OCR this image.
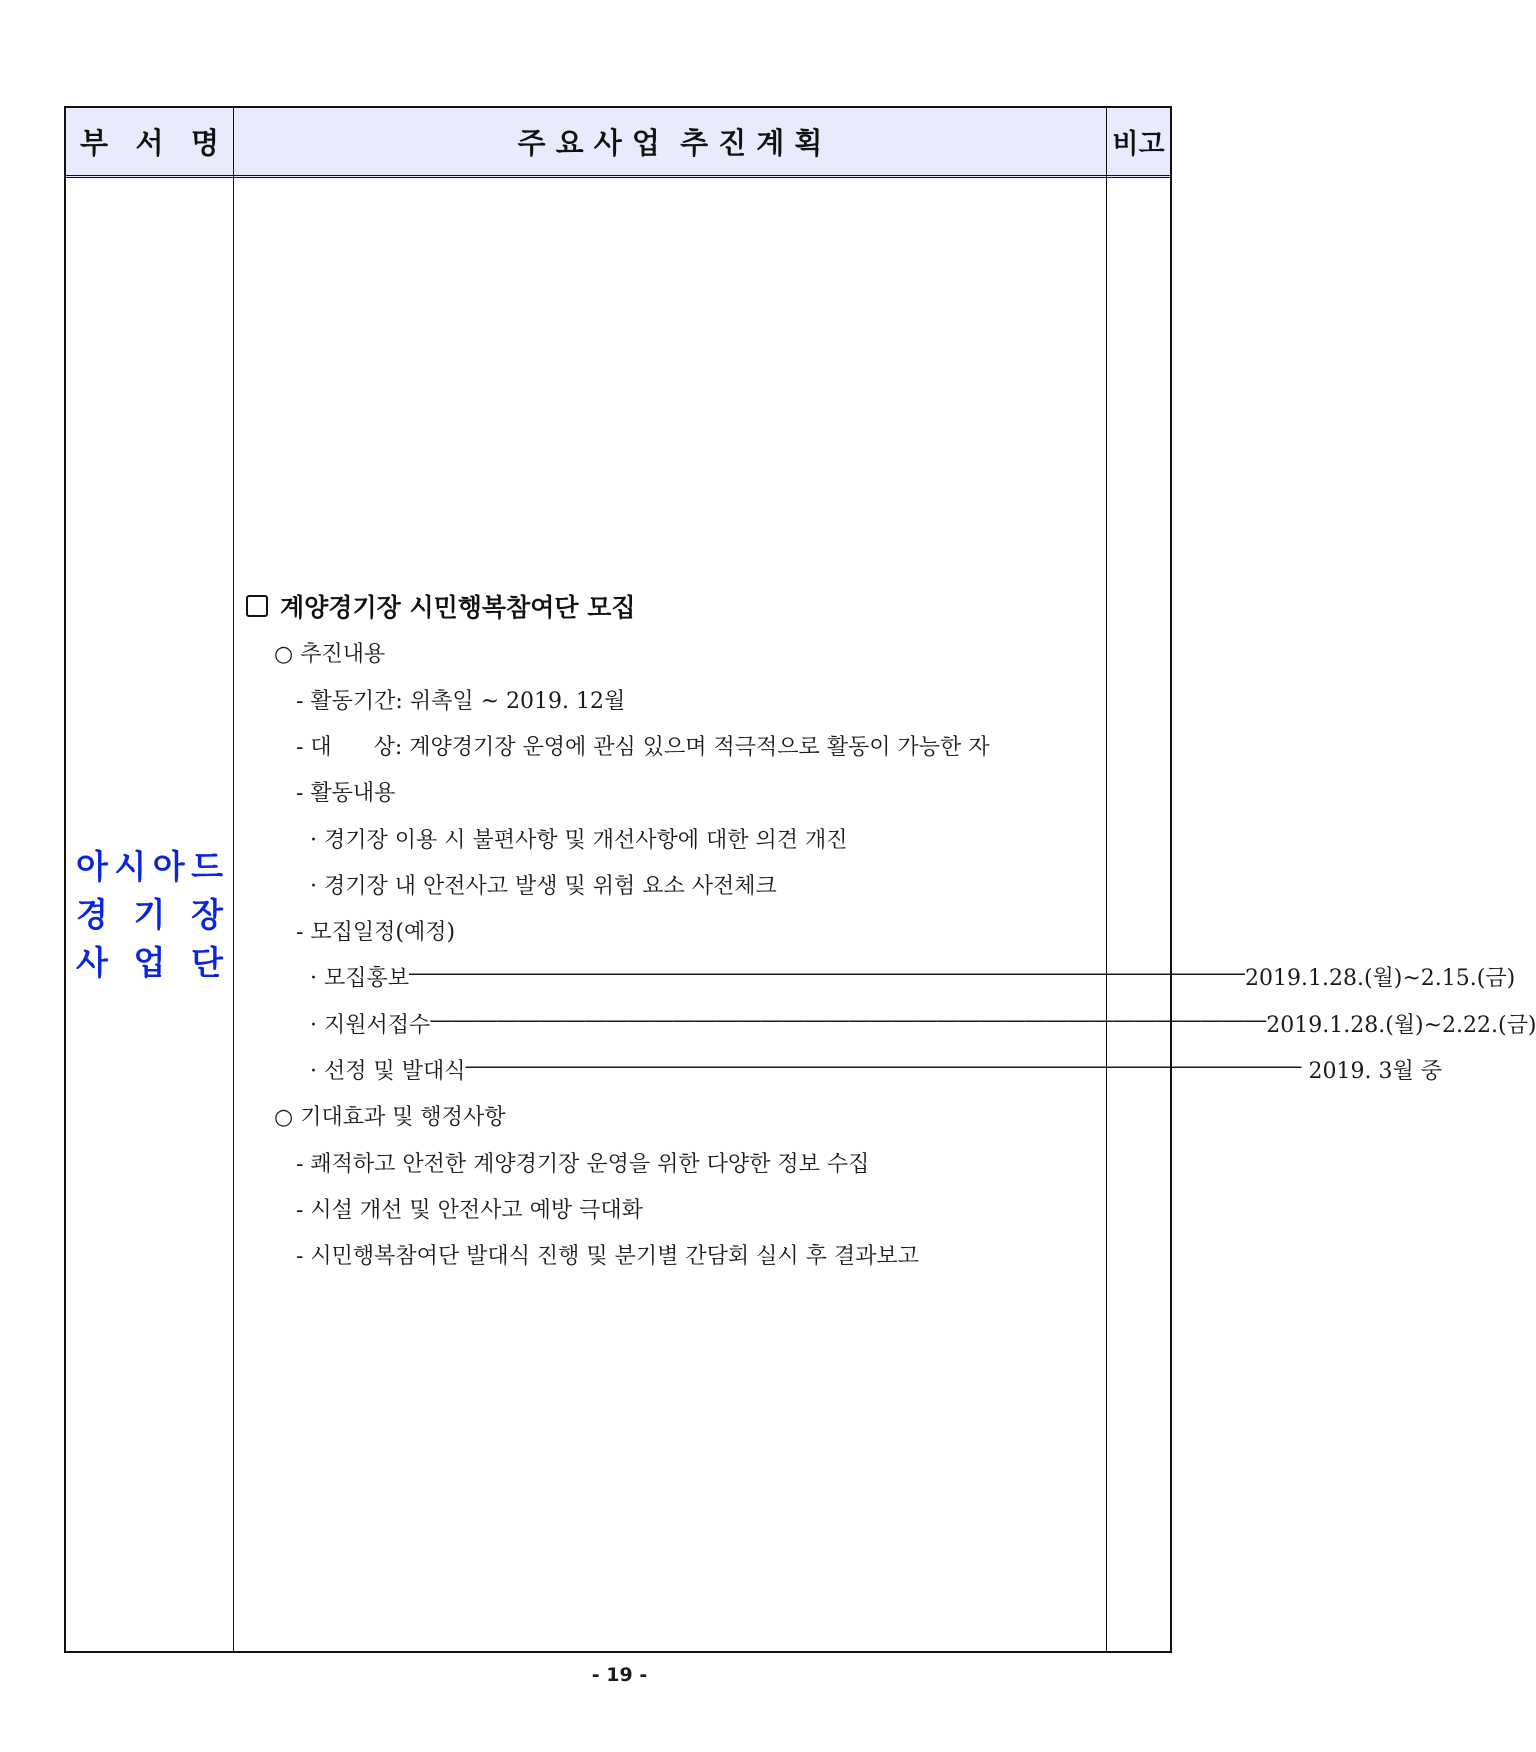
부 서 명	주 요 사 업  추 진 계 획	비고
아 시 아 드
경 기 장
사 업 단
계양경기장 시민행복참여단 모집
○ 추진내용
- 활동기간: 위촉일 ~ 2019. 12월
- 대      상: 계양경기장 운영에 관심 있으며 적극적으로 활동이 가능한 자
- 활동내용
· 경기장 이용 시 불편사항 및 개선사항에 대한 의견 개진
· 경기장 내 안전사고 발생 및 위험 요소 사전체크
- 모집일정(예정)
· 모집홍보 ―――――――――――――――――――――――――――――――――――――― 2019.1.28.(월)~2.15.(금)
· 지원서접수 ―――――――――――――――――――――――――――――――――――――― 2019.1.28.(월)~2.22.(금)
· 선정 및 발대식 ―――――――――――――――――――――――――――――――――――――― 2019. 3월 중
○ 기대효과 및 행정사항
- 쾌적하고 안전한 계양경기장 운영을 위한 다양한 정보 수집
- 시설 개선 및 안전사고 예방 극대화
- 시민행복참여단 발대식 진행 및 분기별 간담회 실시 후 결과보고
- 19 -
